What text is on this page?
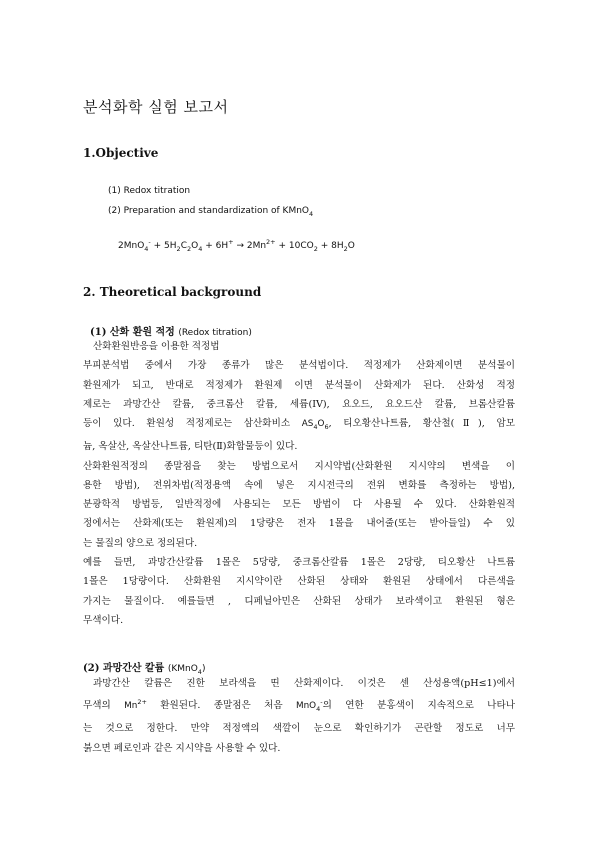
분석화학 실험 보고서
1.Objective
(1) Redox titration
(2) Preparation and standardization of KMnO$_4$
$2MnO_4^- + 5H_2C_2O_4 + 6H^+ \to 2Mn^{2+} + 10CO_2 + 8H_2O$
2. Theoretical background
(1) 산화 환원 적정 (Redox titration)
산화환원반응을 이용한 적정법
부피분석법 중에서 가장 종류가 많은 분석법이다. 적정제가 산화제이면 분석물이
환원제가 되고, 반대로 적정제가 환원제 이면 분석물이 산화제가 된다. 산화성 적정
제로는 과망간산 칼륨, 중크롬산 칼륨, 세륨(IV), 요오드, 요오드산 칼륨, 브롬산칼륨
등이 있다. 환원성 적정제로는 삼산화비소 $AS_4O_6$, 티오황산나트륨, 황산철(Ⅱ), 암모
늄, 옥살산, 옥살산나트륨, 티탄(Ⅱ)화합물등이 있다.
산화환원적정의 종말점을 찾는 방법으로서 지시약법(산화환원 지시약의 변색을 이
용한 방법), 전위차법(적정용액 속에 넣은 지시전극의 전위 변화를 측정하는 방법),
분광학적 방법등, 일반적정에 사용되는 모든 방법이 다 사용될 수 있다. 산화환원적
정에서는 산화제(또는 환원제)의 1당량은 전자 1몰을 내어줄(또는 받아들일) 수 있
는 물질의 양으로 정의된다.
예를 들면, 과망간산칼륨 1몰은 5당량, 중크롬산칼륨 1몰은 2당량, 티오황산 나트륨
1몰은 1당량이다. 산화환원 지시약이란 산화된 상태와 환원된 상태에서 다른색을
가지는 물질이다. 예를들면 , 디페닐아민은 산화된 상태가 보라색이고 환원된 형은
무색이다.
(2) 과망간산 칼륨 (KMnO$_4$)
과망간산 칼륨은 진한 보라색을 띤 산화제이다. 이것은 센 산성용액(pH≤1)에서
무색의 $Mn^{2+}$ 환원된다. 종말점은 처음 MnO$_4$-의 연한 분홍색이 지속적으로 나타나
는 것으로 정한다. 만약 적정액의 색깔이 눈으로 확인하기가 곤란할 정도로 너무
붉으면 페로인과 같은 지시약을 사용할 수 있다.
